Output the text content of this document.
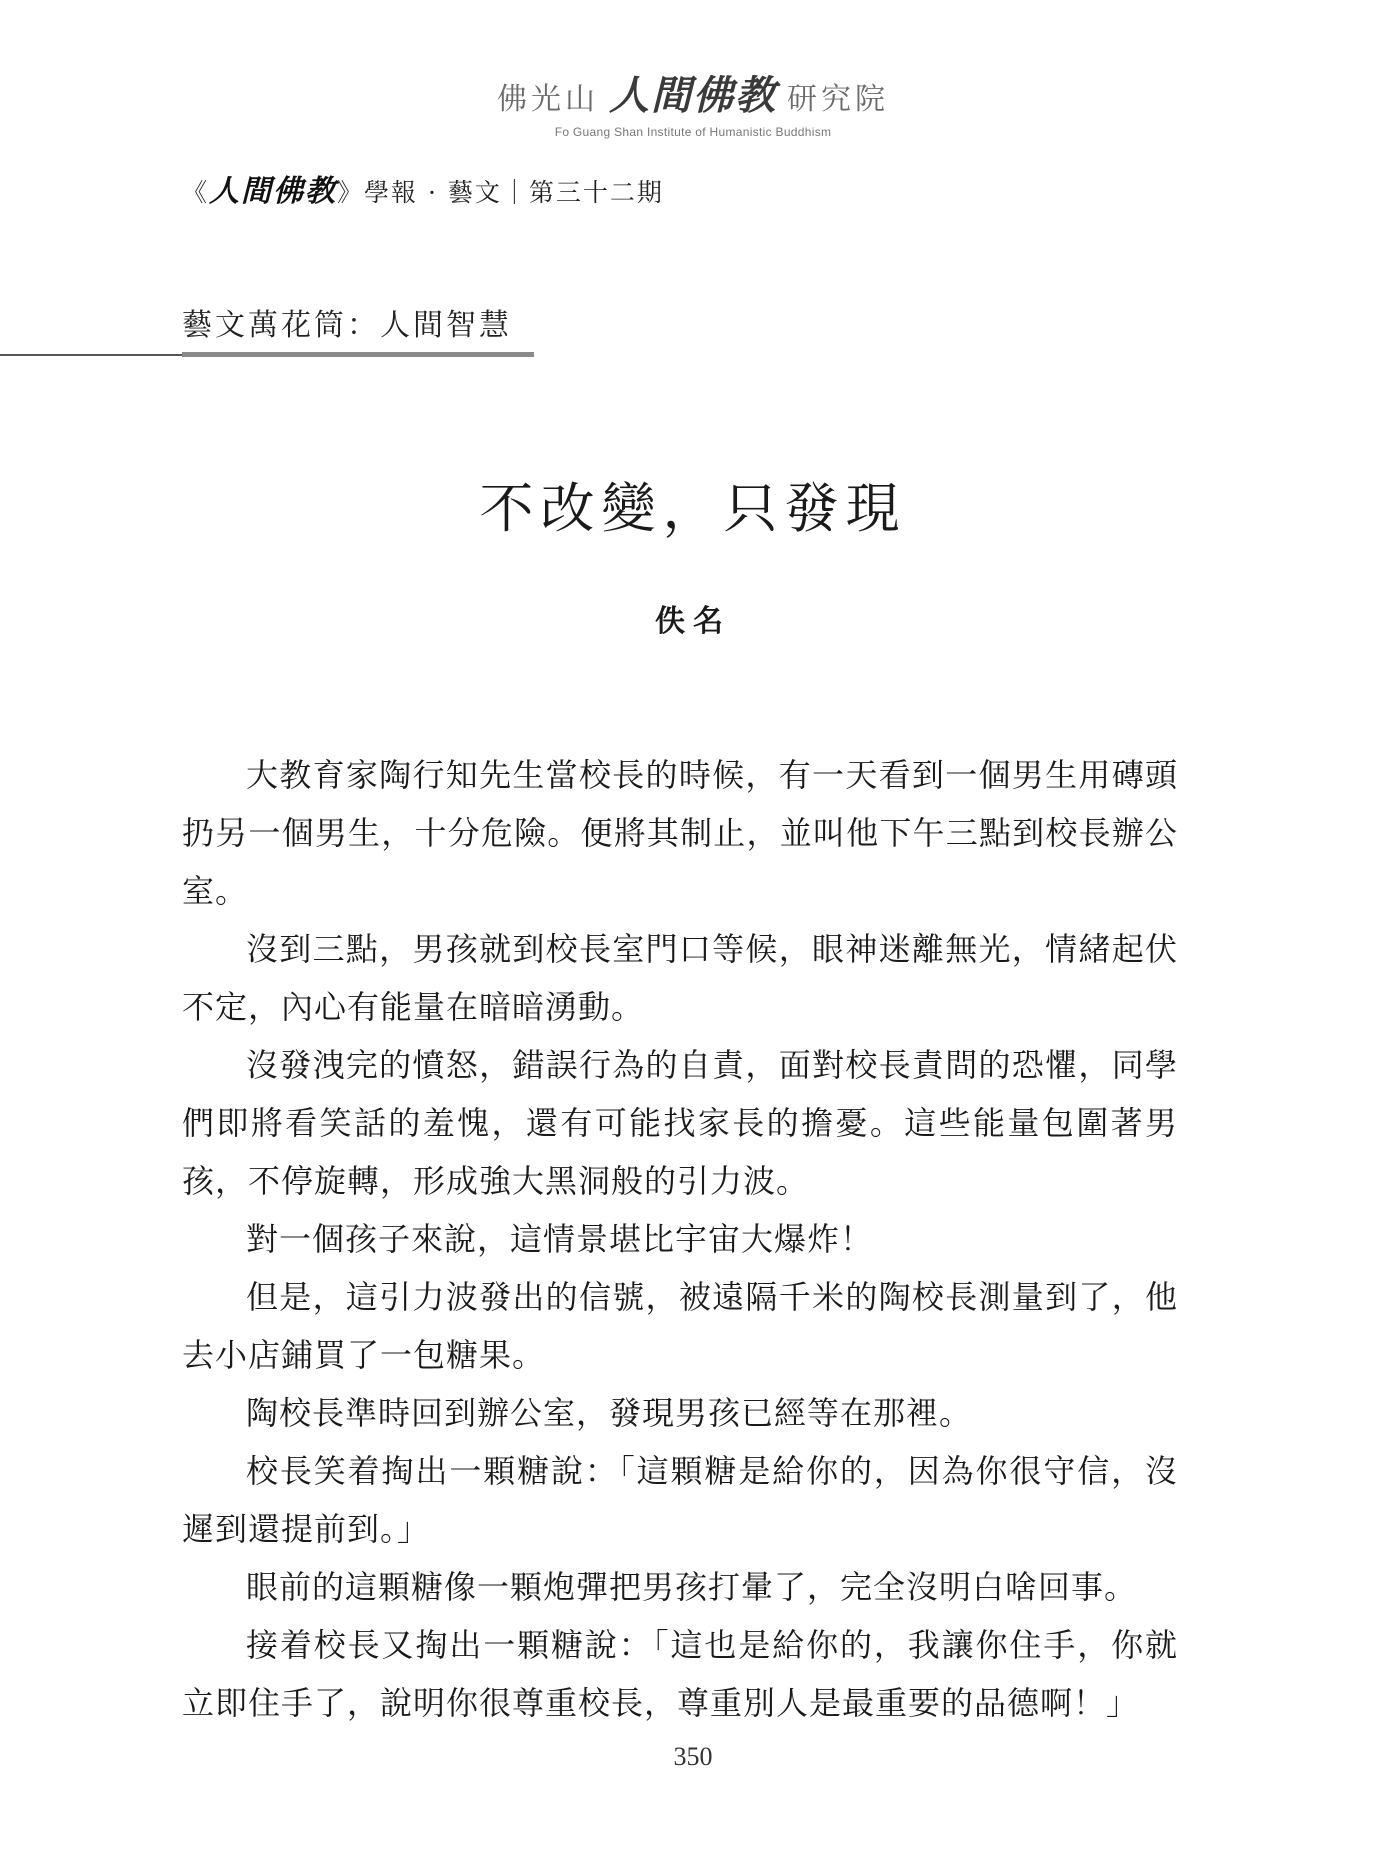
佛光山 人間佛教 研究院
Fo Guang Shan Institute of Humanistic Buddhism
《人間佛教》學報 · 藝文｜第三十二期
藝文萬花筒：人間智慧
不改變，只發現
佚名

大教育家陶行知先生當校長的時候，有一天看到一個男生用磚頭扔另一個男生，十分危險。便將其制止，並叫他下午三點到校長辦公室。

沒到三點，男孩就到校長室門口等候，眼神迷離無光，情緒起伏不定，內心有能量在暗暗湧動。

沒發洩完的憤怒，錯誤行為的自責，面對校長責問的恐懼，同學們即將看笑話的羞愧，還有可能找家長的擔憂。這些能量包圍著男孩，不停旋轉，形成強大黑洞般的引力波。

對一個孩子來說，這情景堪比宇宙大爆炸！

但是，這引力波發出的信號，被遠隔千米的陶校長測量到了，他去小店鋪買了一包糖果。

陶校長準時回到辦公室，發現男孩已經等在那裡。

校長笑着掏出一顆糖說：「這顆糖是給你的，因為你很守信，沒遲到還提前到。」

眼前的這顆糖像一顆炮彈把男孩打暈了，完全沒明白啥回事。

接着校長又掏出一顆糖說：「這也是給你的，我讓你住手，你就立即住手了，說明你很尊重校長，尊重別人是最重要的品德啊！」

350
